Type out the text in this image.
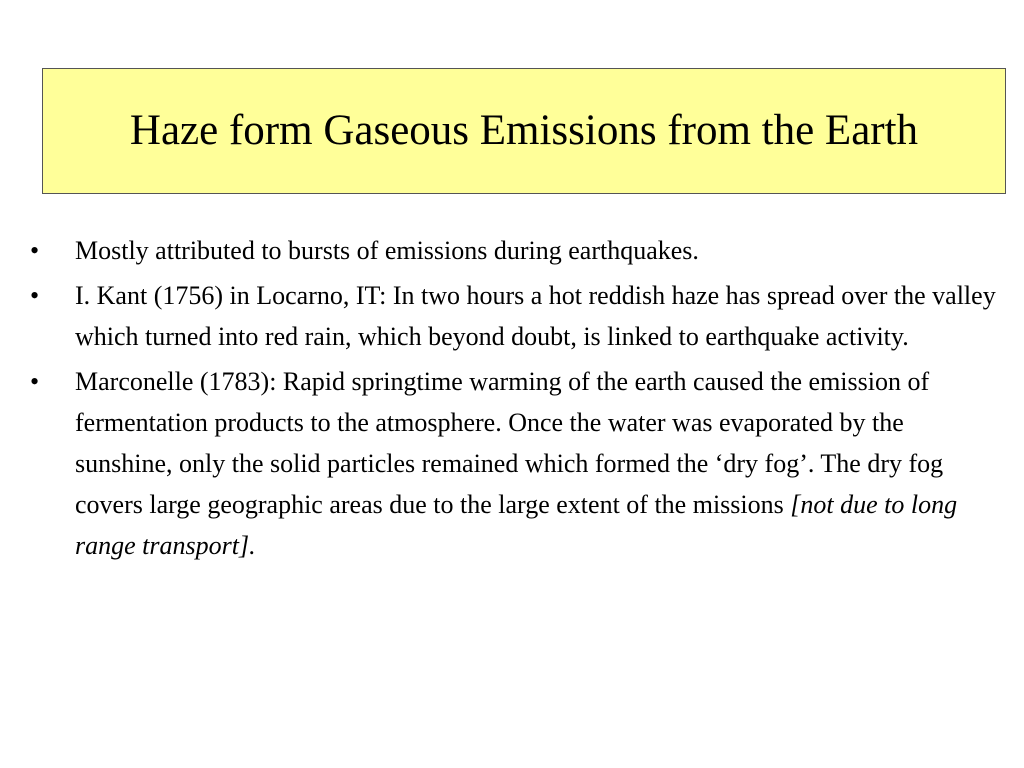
Haze form Gaseous Emissions from the Earth
•	Mostly attributed to bursts of emissions during earthquakes.
•	I. Kant (1756) in Locarno, IT: In two hours a hot reddish haze has spread over the valley which turned into red rain, which beyond doubt, is linked to earthquake activity.
•	Marconelle (1783): Rapid springtime warming of the earth caused the emission of fermentation products to the atmosphere. Once the water was evaporated by the sunshine, only the solid particles remained which formed the ‘dry fog’. The dry fog covers large geographic areas due to the large extent of the missions [not due to long range transport].
